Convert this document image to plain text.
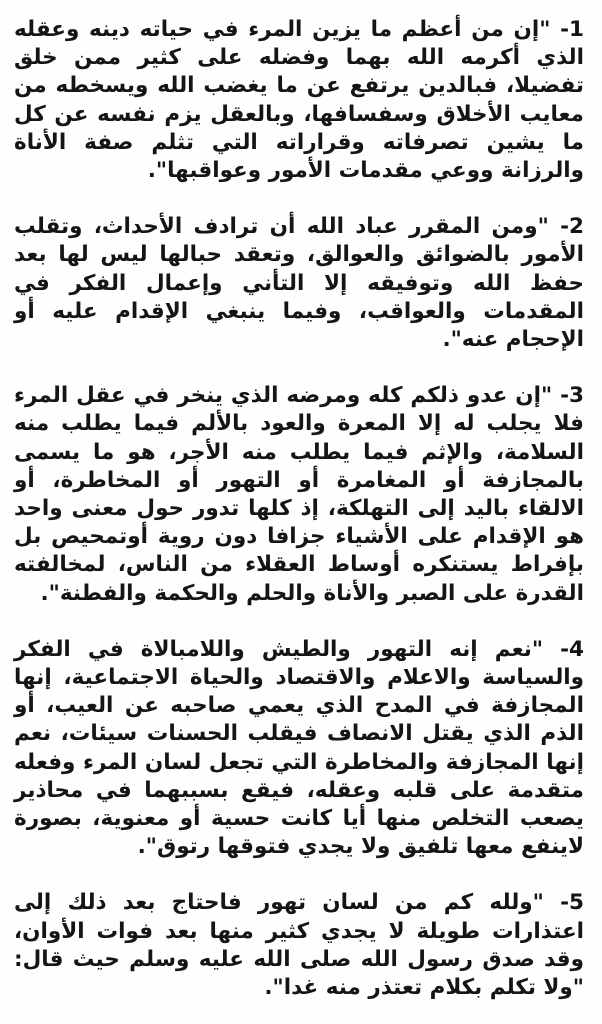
1- "إن من أعظم ما يزين المرء في حياته دينه وعقله الذي أكرمه الله بهما وفضله على كثير ممن خلق تفضيلا، فبالدين يرتفع عن ما يغضب الله ويسخطه من معايب الأخلاق وسفسافها، وبالعقل يزم نفسه عن كل ما يشين تصرفاته وقراراته التي تثلم صفة الأناة والرزانة ووعي مقدمات الأمور وعواقبها".

2- "ومن المقرر عباد الله أن ترادف الأحداث، وتقلب الأمور بالضوائق والعوالق، وتعقد حبالها ليس لها بعد حفظ الله وتوفيقه إلا التأني وإعمال الفكر في المقدمات والعواقب، وفيما ينبغي الإقدام عليه أو الإحجام عنه".

3- "إن عدو ذلكم كله ومرضه الذي ينخر في عقل المرء فلا يجلب له إلا المعرة والعود بالألم فيما يطلب منه السلامة، والإثم فيما يطلب منه الأجر، هو ما يسمى بالمجازفة أو المغامرة أو التهور أو المخاطرة، أو الالقاء باليد إلى التهلكة، إذ كلها تدور حول معنى واحد هو الإقدام على الأشياء جزافا دون روية أوتمحيص بل بإفراط يستنكره أوساط العقلاء من الناس، لمخالفته القدرة على الصبر والأناة والحلم والحكمة والفطنة".

4- "نعم إنه التهور والطيش واللامبالاة في الفكر والسياسة والاعلام والاقتصاد والحياة الاجتماعية، إنها المجازفة في المدح الذي يعمي صاحبه عن العيب، أو الذم الذي يقتل الانصاف فيقلب الحسنات سيئات، نعم إنها المجازفة والمخاطرة التي تجعل لسان المرء وفعله متقدمة على قلبه وعقله، فيقع بسببهما في محاذير يصعب التخلص منها أيا كانت حسية أو معنوية، بصورة لاينفع معها تلفيق ولا يجدي فتوقها رتوق".

5- "ولله كم من لسان تهور فاحتاج بعد ذلك إلى اعتذارات طويلة لا يجدي كثير منها بعد فوات الأوان، وقد صدق رسول الله صلى الله عليه وسلم حيث قال: "ولا تكلم بكلام تعتذر منه غدا".
